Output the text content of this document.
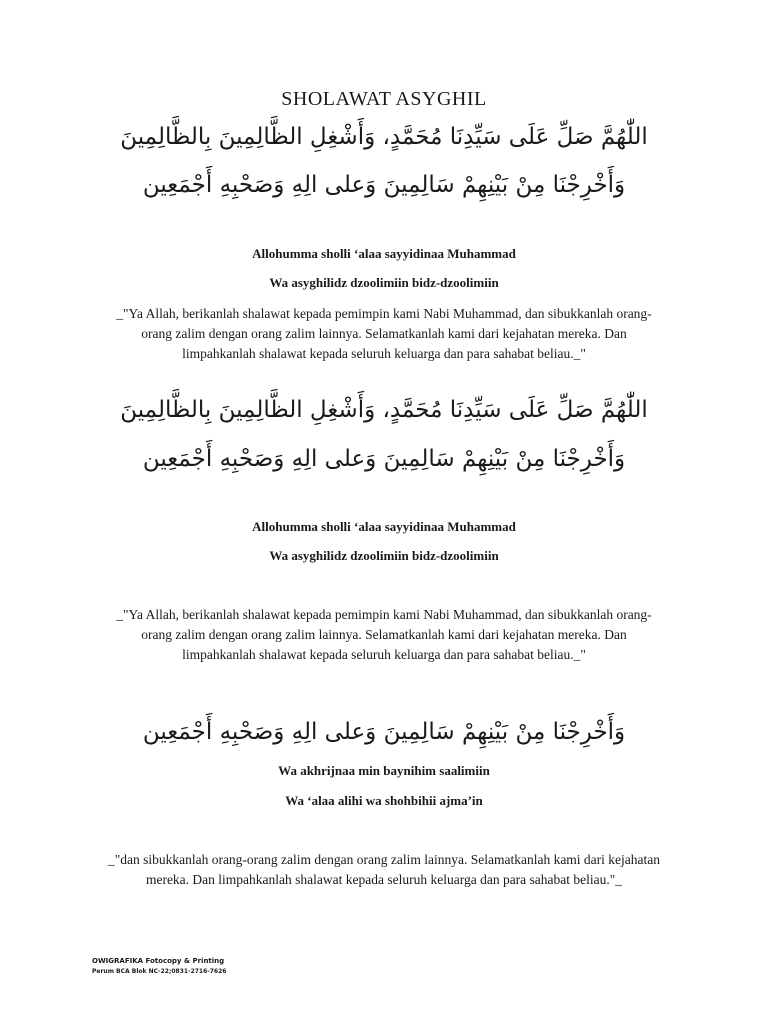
SHOLAWAT ASYGHIL
اللّٰهُمَّ صَلِّ عَلَى سَيِّدِنَا مُحَمَّدٍ، وَأَشْغِلِ الظَّالِمِينَ بِالظَّالِمِينَ
وَأَخْرِجْنَا مِنْ بَيْنِهِمْ سَالِمِينَ وَعلى الِهِ وَصَحْبِهِ أَجْمَعِين
Allohumma sholli ‘alaa sayyidinaa Muhammad
Wa asyghilidz dzoolimiin bidz-dzoolimiin
_"Ya Allah, berikanlah shalawat kepada pemimpin kami Nabi Muhammad, dan sibukkanlah orang-
orang zalim dengan orang zalim lainnya. Selamatkanlah kami dari kejahatan mereka. Dan
limpahkanlah shalawat kepada seluruh keluarga dan para sahabat beliau._"
اللّٰهُمَّ صَلِّ عَلَى سَيِّدِنَا مُحَمَّدٍ، وَأَشْغِلِ الظَّالِمِينَ بِالظَّالِمِينَ
وَأَخْرِجْنَا مِنْ بَيْنِهِمْ سَالِمِينَ وَعلى الِهِ وَصَحْبِهِ أَجْمَعِين
Allohumma sholli ‘alaa sayyidinaa Muhammad
Wa asyghilidz dzoolimiin bidz-dzoolimiin
_"Ya Allah, berikanlah shalawat kepada pemimpin kami Nabi Muhammad, dan sibukkanlah orang-
orang zalim dengan orang zalim lainnya. Selamatkanlah kami dari kejahatan mereka. Dan
limpahkanlah shalawat kepada seluruh keluarga dan para sahabat beliau._"
وَأَخْرِجْنَا مِنْ بَيْنِهِمْ سَالِمِينَ وَعلى الِهِ وَصَحْبِهِ أَجْمَعِين
Wa akhrijnaa min baynihim saalimiin
Wa ‘alaa alihi wa shohbihii ajma’in
_"dan sibukkanlah orang-orang zalim dengan orang zalim lainnya. Selamatkanlah kami dari kejahatan
mereka. Dan limpahkanlah shalawat kepada seluruh keluarga dan para sahabat beliau."_
OWIGRAFIKA Fotocopy & Printing
Perum BCA Blok NC-22;0831-2716-7626
